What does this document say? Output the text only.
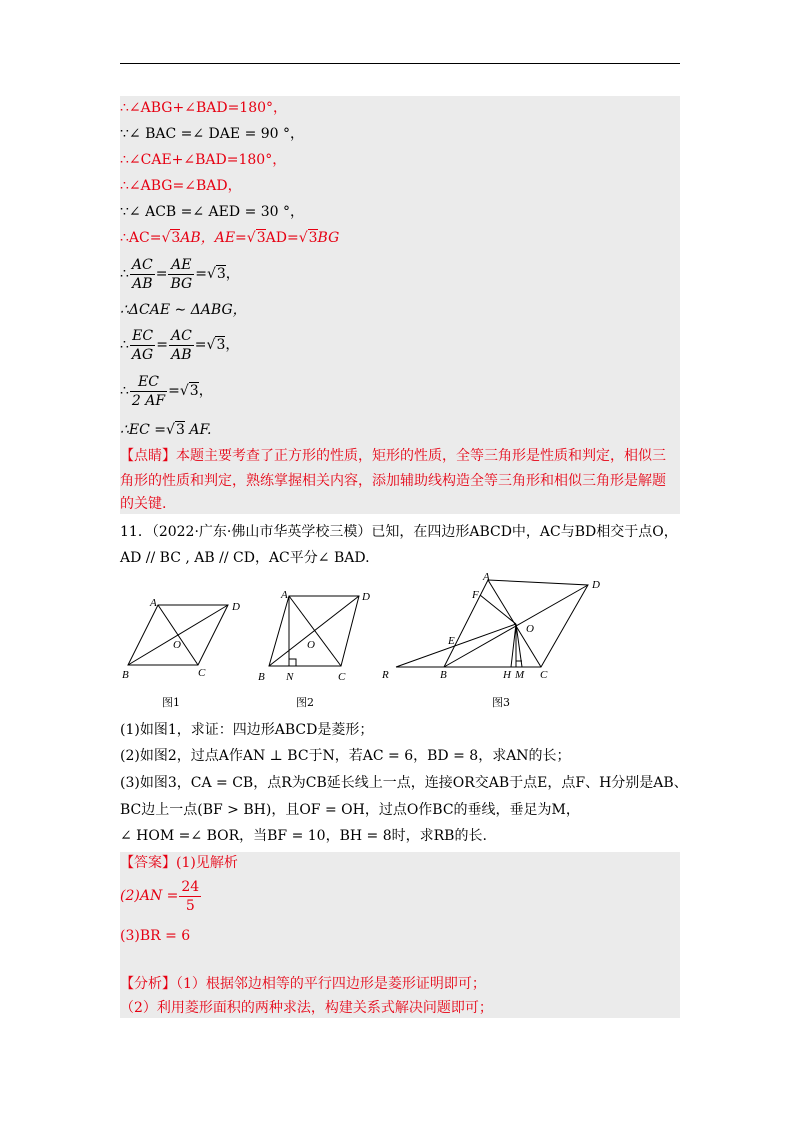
∴∠ABG+∠BAD=180°，
∵∠ BAC =∠ DAE = 90 °，
∴∠CAE+∠BAD=180°，
∴∠ABG=∠BAD，
∵∠ ACB =∠ AED = 30 °，
∴AC=√3AB，AE=√3AD=√3BG
∴ $\frac{AC}{AB} = \frac{AE}{BG} =√3$，
∴ΔCAE ∼ ΔABG，
∴ $\frac{EC}{AG} = \frac{AC}{AB} =√3$，
∴ $\frac{EC}{2 AF} =√3$，
∴EC =√3 AF.
【点睛】本题主要考查了正方形的性质，矩形的性质，全等三角形是性质和判定，相似三
角形的性质和判定，熟练掌握相关内容，添加辅助线构造全等三角形和相似三角形是解题
的关键.
11．（2022·广东·佛山市华英学校三模）已知，在四边形ABCD中，AC与BD相交于点O，
AD // BC , AB // CD，AC平分∠ BAD.
A	D
B	C
O
图1
A	D
B N	C
O
图2
A
D
F
O
E
R	B	H M C
图3
(1)如图1，求证：四边形ABCD是菱形；
(2)如图2，过点A作AN ⊥ BC于N，若AC = 6，BD = 8，求AN的长；
(3)如图3，CA = CB，点R为CB延长线上一点，连接OR交AB于点E，点F、H分别是AB、
BC边上一点(BF > BH)，且OF = OH，过点O作BC的垂线，垂足为M，
∠ HOM =∠ BOR，当BF = 10，BH = 8时，求RB的长.
【答案】(1)见解析
$(2)AN = \frac{24}{5}$
(3)BR = 6
【分析】（1）根据邻边相等的平行四边形是菱形证明即可；
（2）利用菱形面积的两种求法，构建关系式解决问题即可；
